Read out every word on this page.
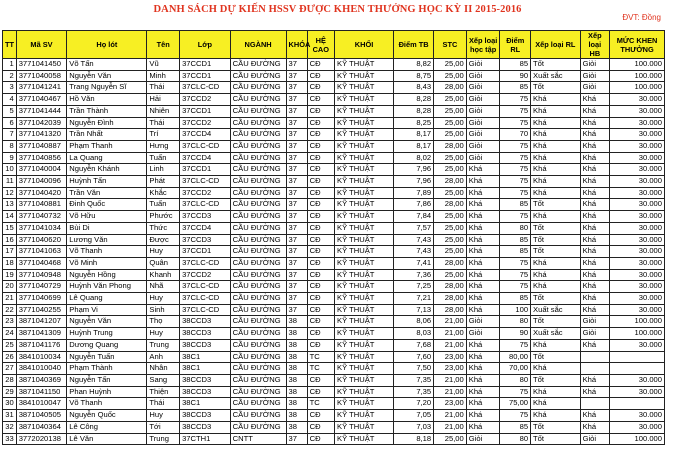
DANH SÁCH DỰ KIẾN HSSV ĐƯỢC KHEN THƯỞNG HỌC KỲ II 2015-2016
ĐVT: Đồng
TT	Mã SV	Họ lót	Tên	Lớp	NGÀNH	KHÓA	HỆ CAO	KHỐI	Điểm TB	STC	Xếp loại học tập	Điểm RL	Xếp loại RL	Xếp loại HB	MỨC KHEN THƯỞNG
1	3771041450	Võ Tấn	Vũ	37CCD1	CẦU ĐƯỜNG	37	CĐ	KỸ THUẬT	8,82	25,00	Giỏi	85	Tốt	Giỏi	100.000
2	3771040058	Nguyễn Văn	Minh	37CCD1	CẦU ĐƯỜNG	37	CĐ	KỸ THUẬT	8,75	25,00	Giỏi	90	Xuất sắc	Giỏi	100.000
3	3771041241	Trang Nguyễn Sĩ	Thái	37CLC-CD	CẦU ĐƯỜNG	37	CĐ	KỸ THUẬT	8,43	28,00	Giỏi	85	Tốt	Giỏi	100.000
4	3771040467	Hồ Văn	Hải	37CCD2	CẦU ĐƯỜNG	37	CĐ	KỸ THUẬT	8,28	25,00	Giỏi	75	Khá	Khá	30.000
5	3771041444	Trần Thành	Nhiên	37CCD1	CẦU ĐƯỜNG	37	CĐ	KỸ THUẬT	8,28	25,00	Giỏi	75	Khá	Khá	30.000
6	3771042039	Nguyễn Đình	Thái	37CCD2	CẦU ĐƯỜNG	37	CĐ	KỸ THUẬT	8,25	25,00	Giỏi	75	Khá	Khá	30.000
7	3771041320	Trần Nhất	Trí	37CCD4	CẦU ĐƯỜNG	37	CĐ	KỸ THUẬT	8,17	25,00	Giỏi	70	Khá	Khá	30.000
8	3771040887	Phạm Thanh	Hưng	37CLC-CD	CẦU ĐƯỜNG	37	CĐ	KỸ THUẬT	8,17	28,00	Giỏi	75	Khá	Khá	30.000
9	3771040856	La Quang	Tuấn	37CCD4	CẦU ĐƯỜNG	37	CĐ	KỸ THUẬT	8,02	25,00	Giỏi	75	Khá	Khá	30.000
10	3771040004	Nguyễn Khánh	Linh	37CCD1	CẦU ĐƯỜNG	37	CĐ	KỸ THUẬT	7,96	25,00	Khá	75	Khá	Khá	30.000
11	3771040096	Huỳnh Tấn	Phát	37CLC-CD	CẦU ĐƯỜNG	37	CĐ	KỸ THUẬT	7,96	28,00	Khá	75	Khá	Khá	30.000
12	3771040420	Trần Văn	Khắc	37CCD2	CẦU ĐƯỜNG	37	CĐ	KỸ THUẬT	7,89	25,00	Khá	75	Khá	Khá	30.000
13	3771040881	Đinh Quốc	Tuấn	37CLC-CD	CẦU ĐƯỜNG	37	CĐ	KỸ THUẬT	7,86	28,00	Khá	85	Tốt	Khá	30.000
14	3771040732	Võ Hữu	Phước	37CCD3	CẦU ĐƯỜNG	37	CĐ	KỸ THUẬT	7,84	25,00	Khá	75	Khá	Khá	30.000
15	3771041034	Bùi Di	Thức	37CCD4	CẦU ĐƯỜNG	37	CĐ	KỸ THUẬT	7,57	25,00	Khá	80	Tốt	Khá	30.000
16	3771040620	Lương Văn	Được	37CCD3	CẦU ĐƯỜNG	37	CĐ	KỸ THUẬT	7,43	25,00	Khá	85	Tốt	Khá	30.000
17	3771041063	Võ Thanh	Huy	37CCD1	CẦU ĐƯỜNG	37	CĐ	KỸ THUẬT	7,43	25,00	Khá	85	Tốt	Khá	30.000
18	3771040468	Võ Minh	Quân	37CLC-CD	CẦU ĐƯỜNG	37	CĐ	KỸ THUẬT	7,41	28,00	Khá	75	Khá	Khá	30.000
19	3771040948	Nguyễn Hồng	Khanh	37CCD2	CẦU ĐƯỜNG	37	CĐ	KỸ THUẬT	7,36	25,00	Khá	75	Khá	Khá	30.000
20	3771040729	Huỳnh Văn Phong	Nhã	37CLC-CD	CẦU ĐƯỜNG	37	CĐ	KỸ THUẬT	7,25	28,00	Khá	75	Khá	Khá	30.000
21	3771040699	Lê Quang	Huy	37CLC-CD	CẦU ĐƯỜNG	37	CĐ	KỸ THUẬT	7,21	28,00	Khá	85	Tốt	Khá	30.000
22	3771040255	Phạm Vi	Sinh	37CLC-CD	CẦU ĐƯỜNG	37	CĐ	KỸ THUẬT	7,13	28,00	Khá	100	Xuất sắc	Khá	30.000
23	3871041207	Nguyễn Văn	Thọ	38CCD3	CẦU ĐƯỜNG	38	CĐ	KỸ THUẬT	8,06	21,00	Giỏi	80	Tốt	Giỏi	100.000
24	3871041309	Huỳnh Trung	Huy	38CCD3	CẦU ĐƯỜNG	38	CĐ	KỸ THUẬT	8,03	21,00	Giỏi	90	Xuất sắc	Giỏi	100.000
25	3871041176	Dương Quang	Trung	38CCD3	CẦU ĐƯỜNG	38	CĐ	KỸ THUẬT	7,68	21,00	Khá	75	Khá	Khá	30.000
26	3841010034	Nguyễn Tuấn	Anh	38C1	CẦU ĐƯỜNG	38	TC	KỸ THUẬT	7,60	23,00	Khá	80,00	Tốt		
27	3841010040	Phạm Thành	Nhân	38C1	CẦU ĐƯỜNG	38	TC	KỸ THUẬT	7,50	23,00	Khá	70,00	Khá		
28	3871040369	Nguyễn Tấn	Sang	38CCD3	CẦU ĐƯỜNG	38	CĐ	KỸ THUẬT	7,35	21,00	Khá	80	Tốt	Khá	30.000
29	3871041150	Phan Huỳnh	Thiện	38CCD3	CẦU ĐƯỜNG	38	CĐ	KỸ THUẬT	7,35	21,00	Khá	75	Khá	Khá	30.000
30	3841010047	Võ Thanh	Thái	38C1	CẦU ĐƯỜNG	38	TC	KỸ THUẬT	7,20	23,00	Khá	75,00	Khá		
31	3871040505	Nguyễn Quốc	Huy	38CCD3	CẦU ĐƯỜNG	38	CĐ	KỸ THUẬT	7,05	21,00	Khá	75	Khá	Khá	30.000
32	3871040364	Lê Công	Tới	38CCD3	CẦU ĐƯỜNG	38	CĐ	KỸ THUẬT	7,03	21,00	Khá	85	Tốt	Khá	30.000
33	3772020138	Lê Văn	Trung	37CTH1	CNTT	37	CĐ	KỸ THUẬT	8,18	25,00	Giỏi	80	Tốt	Giỏi	100.000
